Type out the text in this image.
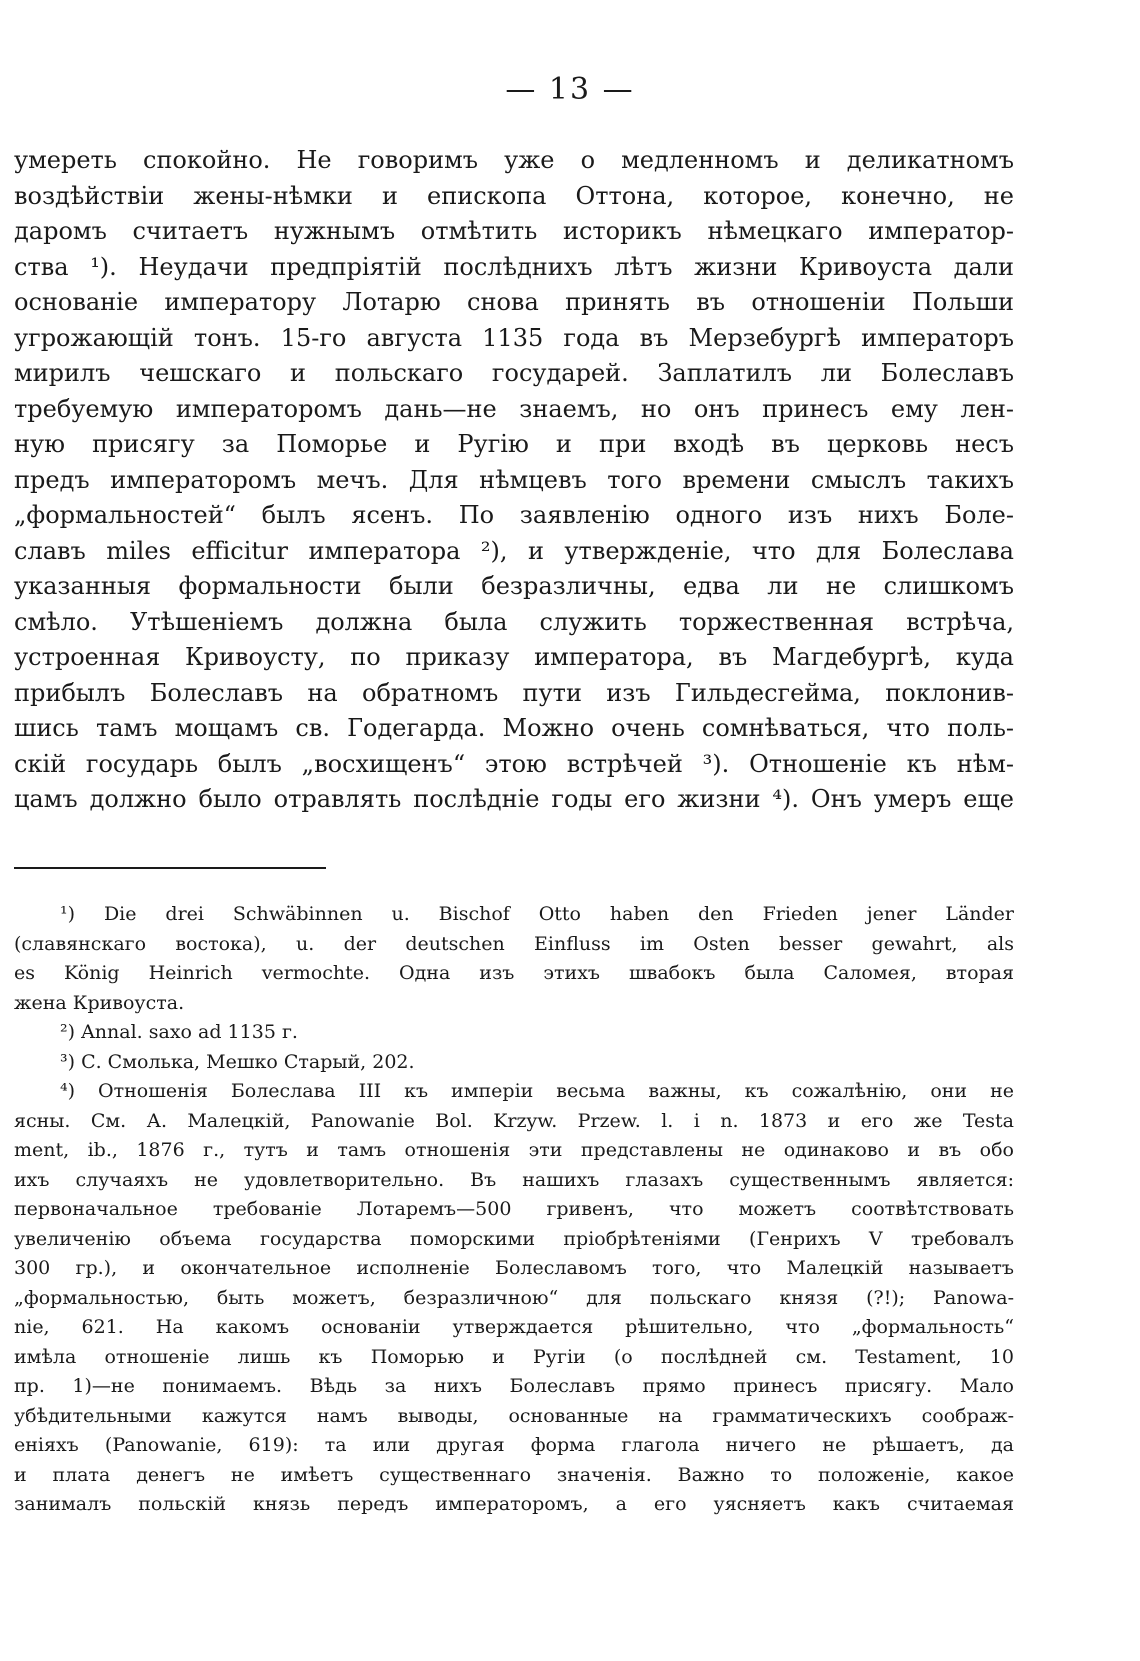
— 13 —
умереть спокойно. Не говоримъ уже о медленномъ и деликатномъ
воздѣйствіи жены-нѣмки и епископа Оттона, которое, конечно, не
даромъ считаетъ нужнымъ отмѣтить историкъ нѣмецкаго император-
ства ¹). Неудачи предпріятій послѣднихъ лѣтъ жизни Кривоуста дали
основаніе императору Лотарю снова принять въ отношеніи Польши
угрожающій тонъ. 15-го августа 1135 года въ Мерзебургѣ императоръ
мирилъ чешскаго и польскаго государей. Заплатилъ ли Болеславъ
требуемую императоромъ дань—не знаемъ, но онъ принесъ ему лен-
ную присягу за Поморье и Ругію и при входѣ въ церковь несъ
предъ императоромъ мечъ. Для нѣмцевъ того времени смыслъ такихъ
„формальностей“ былъ ясенъ. По заявленію одного изъ нихъ Боле-
славъ miles efficitur императора ²), и утвержденіе, что для Болеслава
указанныя формальности были безразличны, едва ли не слишкомъ
смѣло. Утѣшеніемъ должна была служить торжественная встрѣча,
устроенная Кривоусту, по приказу императора, въ Магдебургѣ, куда
прибылъ Болеславъ на обратномъ пути изъ Гильдесгейма, поклонив-
шись тамъ мощамъ св. Годегарда. Можно очень сомнѣваться, что поль-
скій государь былъ „восхищенъ“ этою встрѣчей ³). Отношеніе къ нѣм-
цамъ должно было отравлять послѣдніе годы его жизни ⁴). Онъ умеръ еще
¹) Die drei Schwäbinnen u. Bischof Otto haben den Frieden jener Länder
(славянскаго востока), u. der deutschen Einfluss im Osten besser gewahrt, als
es König Heinrich vermochte. Одна изъ этихъ швабокъ была Саломея, вторая
жена Кривоуста.
²) Annal. saxo ad 1135 г.
³) С. Смолька, Мешко Старый, 202.
⁴) Отношенія Болеслава III къ имперіи весьма важны, къ сожалѣнію, они не
ясны. См. А. Малецкій, Panowanie Bol. Krzyw. Przew. l. i n. 1873 и его же Testa
ment, ib., 1876 г., тутъ и тамъ отношенія эти представлены не одинаково и въ обо
ихъ случаяхъ не удовлетворительно. Въ нашихъ глазахъ существеннымъ является:
первоначальное требованіе Лотаремъ—500 гривенъ, что можетъ соотвѣтствовать
увеличенію объема государства поморскими пріобрѣтеніями (Генрихъ V требовалъ
300 гр.), и окончательное исполненіе Болеславомъ того, что Малецкій называетъ
„формальностью, быть можетъ, безразличною“ для польскаго князя (?!); Panowa-
nie, 621. На какомъ основаніи утверждается рѣшительно, что „формальность“
имѣла отношеніе лишь къ Поморью и Ругіи (о послѣдней см. Testament, 10
пр. 1)—не понимаемъ. Вѣдь за нихъ Болеславъ прямо принесъ присягу. Мало
убѣдительными кажутся намъ выводы, основанные на грамматическихъ соображ-
еніяхъ (Panowanie, 619): та или другая форма глагола ничего не рѣшаетъ, да
и плата денегъ не имѣетъ существеннаго значенія. Важно то положеніе, какое
занималъ польскій князь передъ императоромъ, а его уясняетъ какъ считаемая
